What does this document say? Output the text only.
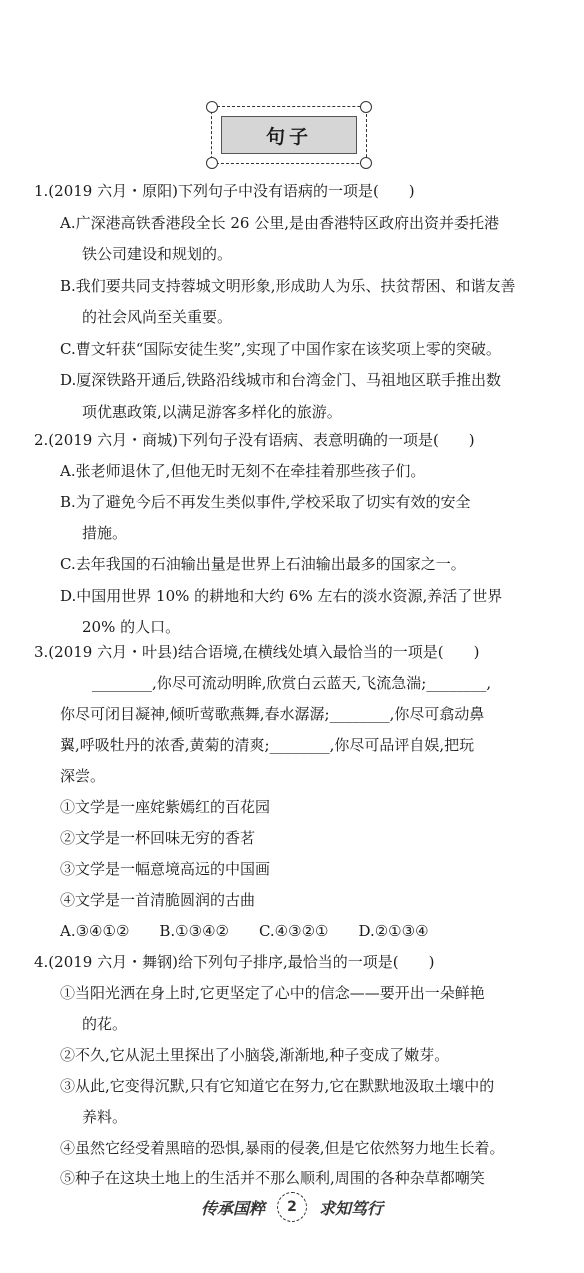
句子
1.(2019 六月・原阳)下列句子中没有语病的一项是(　　)
A.广深港高铁香港段全长 26 公里,是由香港特区政府出资并委托港
铁公司建设和规划的。
B.我们要共同支持蓉城文明形象,形成助人为乐、扶贫帮困、和谐友善
的社会风尚至关重要。
C.曹文轩获“国际安徒生奖”,实现了中国作家在该奖项上零的突破。
D.厦深铁路开通后,铁路沿线城市和台湾金门、马祖地区联手推出数
项优惠政策,以满足游客多样化的旅游。
2.(2019 六月・商城)下列句子没有语病、表意明确的一项是(　　)
A.张老师退休了,但他无时无刻不在牵挂着那些孩子们。
B.为了避免今后不再发生类似事件,学校采取了切实有效的安全
措施。
C.去年我国的石油输出量是世界上石油输出最多的国家之一。
D.中国用世界 10% 的耕地和大约 6% 左右的淡水资源,养活了世界
20% 的人口。
3.(2019 六月・叶县)结合语境,在横线处填入最恰当的一项是(　　)
________,你尽可流动明眸,欣赏白云蓝天,飞流急湍;________,
你尽可闭目凝神,倾听莺歌燕舞,春水潺潺;________,你尽可翕动鼻
翼,呼吸牡丹的浓香,黄菊的清爽;________,你尽可品评自娱,把玩
深尝。
①文学是一座姹紫嫣红的百花园
②文学是一杯回味无穷的香茗
③文学是一幅意境高远的中国画
④文学是一首清脆圆润的古曲
A.③④①②　　B.①③④②　　C.④③②①　　D.②①③④
4.(2019 六月・舞钢)给下列句子排序,最恰当的一项是(　　)
①当阳光洒在身上时,它更坚定了心中的信念——要开出一朵鲜艳
的花。
②不久,它从泥土里探出了小脑袋,渐渐地,种子变成了嫩芽。
③从此,它变得沉默,只有它知道它在努力,它在默默地汲取土壤中的
养料。
④虽然它经受着黑暗的恐惧,暴雨的侵袭,但是它依然努力地生长着。
⑤种子在这块土地上的生活并不那么顺利,周围的各种杂草都嘲笑
传承国粹	2	求知笃行
